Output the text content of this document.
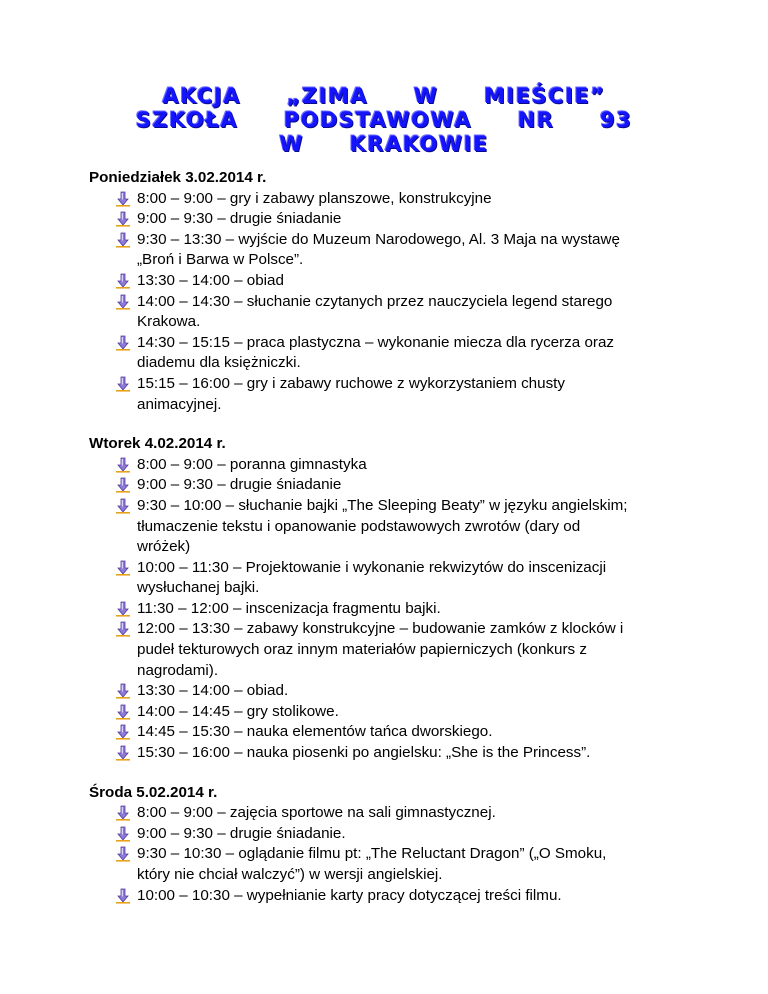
AKCJA  „ZIMA  W  MIEŚCIE”
SZKOŁA  PODSTAWOWA  NR  93
W  KRAKOWIE
Poniedziałek 3.02.2014 r.
8:00 – 9:00 – gry i zabawy planszowe, konstrukcyjne
9:00 – 9:30 – drugie śniadanie
9:30 – 13:30 – wyjście do Muzeum Narodowego, Al. 3 Maja na wystawę
„Broń i Barwa w Polsce”.
13:30 – 14:00 – obiad
14:00 – 14:30 – słuchanie czytanych przez nauczyciela legend starego
Krakowa.
14:30 – 15:15 – praca plastyczna – wykonanie miecza dla rycerza oraz
diademu dla księżniczki.
15:15 – 16:00 – gry i zabawy ruchowe z wykorzystaniem chusty
animacyjnej.
Wtorek 4.02.2014 r.
8:00 – 9:00 – poranna gimnastyka
9:00 – 9:30 – drugie śniadanie
9:30 – 10:00 – słuchanie bajki „The Sleeping Beaty” w języku angielskim;
tłumaczenie tekstu i opanowanie podstawowych zwrotów (dary od
wróżek)
10:00 – 11:30 – Projektowanie i wykonanie rekwizytów do inscenizacji
wysłuchanej bajki.
11:30 – 12:00 – inscenizacja fragmentu bajki.
12:00 – 13:30 – zabawy konstrukcyjne – budowanie zamków z klocków i
pudeł tekturowych oraz innym materiałów papierniczych (konkurs z
nagrodami).
13:30 – 14:00 – obiad.
14:00 – 14:45 – gry stolikowe.
14:45 – 15:30 – nauka elementów tańca dworskiego.
15:30 – 16:00 – nauka piosenki po angielsku: „She is the Princess”.
Środa 5.02.2014 r.
8:00 – 9:00 – zajęcia sportowe na sali gimnastycznej.
9:00 – 9:30 – drugie śniadanie.
9:30 – 10:30 – oglądanie filmu pt: „The Reluctant Dragon” („O Smoku,
który nie chciał walczyć”) w wersji angielskiej.
10:00 – 10:30 – wypełnianie karty pracy dotyczącej treści filmu.
